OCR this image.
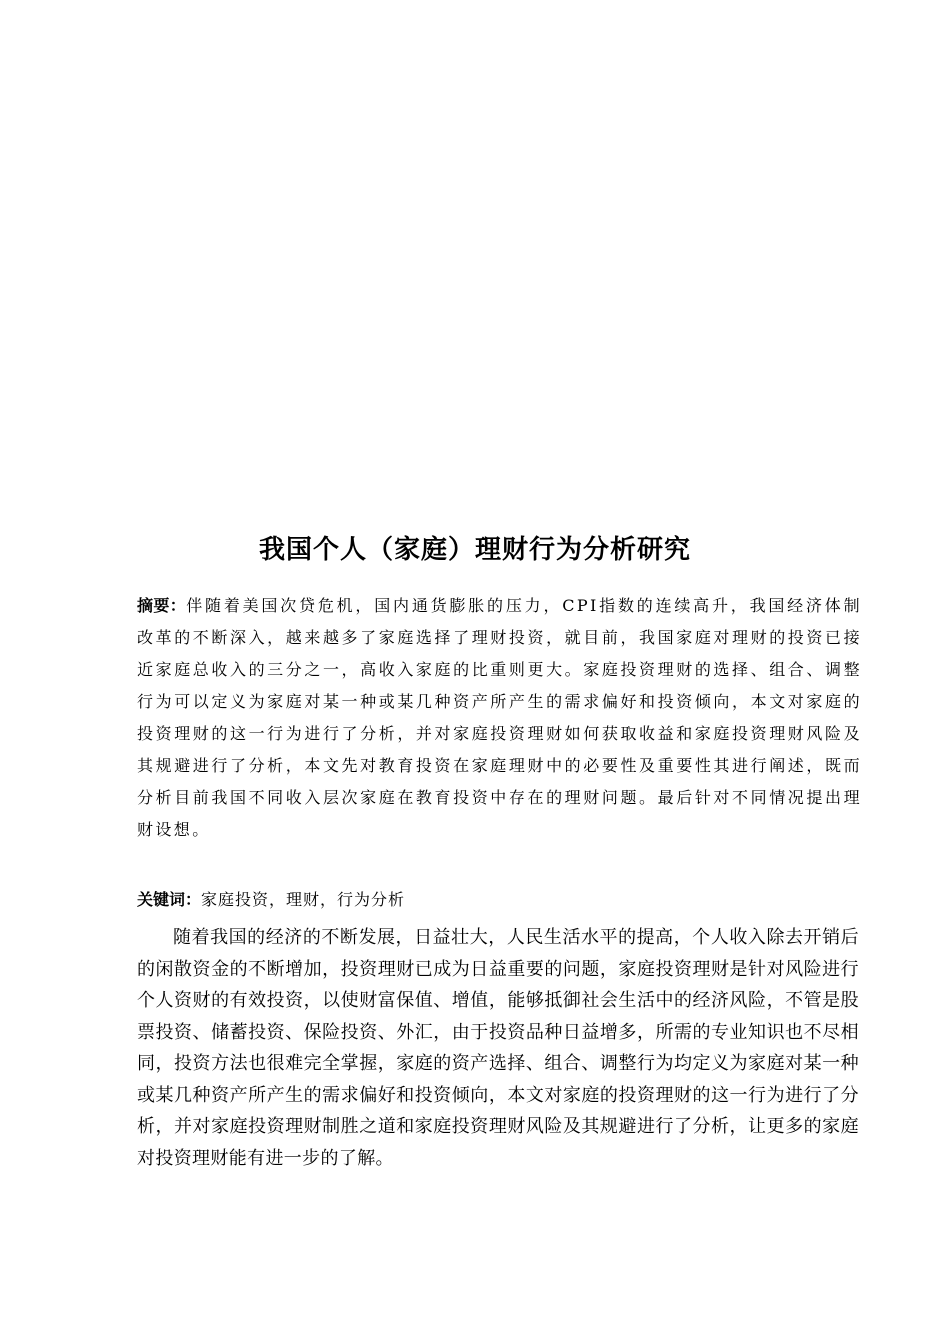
我国个人（家庭）理财行为分析研究
摘要：伴随着美国次贷危机，国内通货膨胀的压力，CPI指数的连续高升，我国经济体制改革的不断深入，越来越多了家庭选择了理财投资，就目前，我国家庭对理财的投资已接近家庭总收入的三分之一，高收入家庭的比重则更大。家庭投资理财的选择、组合、调整行为可以定义为家庭对某一种或某几种资产所产生的需求偏好和投资倾向，本文对家庭的投资理财的这一行为进行了分析，并对家庭投资理财如何获取收益和家庭投资理财风险及其规避进行了分析，本文先对教育投资在家庭理财中的必要性及重要性其进行阐述，既而分析目前我国不同收入层次家庭在教育投资中存在的理财问题。最后针对不同情况提出理财设想。
关键词：家庭投资，理财，行为分析

随着我国的经济的不断发展，日益壮大，人民生活水平的提高，个人收入除去开销后的闲散资金的不断增加，投资理财已成为日益重要的问题，家庭投资理财是针对风险进行个人资财的有效投资，以使财富保值、增值，能够抵御社会生活中的经济风险，不管是股票投资、储蓄投资、保险投资、外汇，由于投资品种日益增多，所需的专业知识也不尽相同，投资方法也很难完全掌握，家庭的资产选择、组合、调整行为均定义为家庭对某一种或某几种资产所产生的需求偏好和投资倾向，本文对家庭的投资理财的这一行为进行了分析，并对家庭投资理财制胜之道和家庭投资理财风险及其规避进行了分析，让更多的家庭对投资理财能有进一步的了解。
